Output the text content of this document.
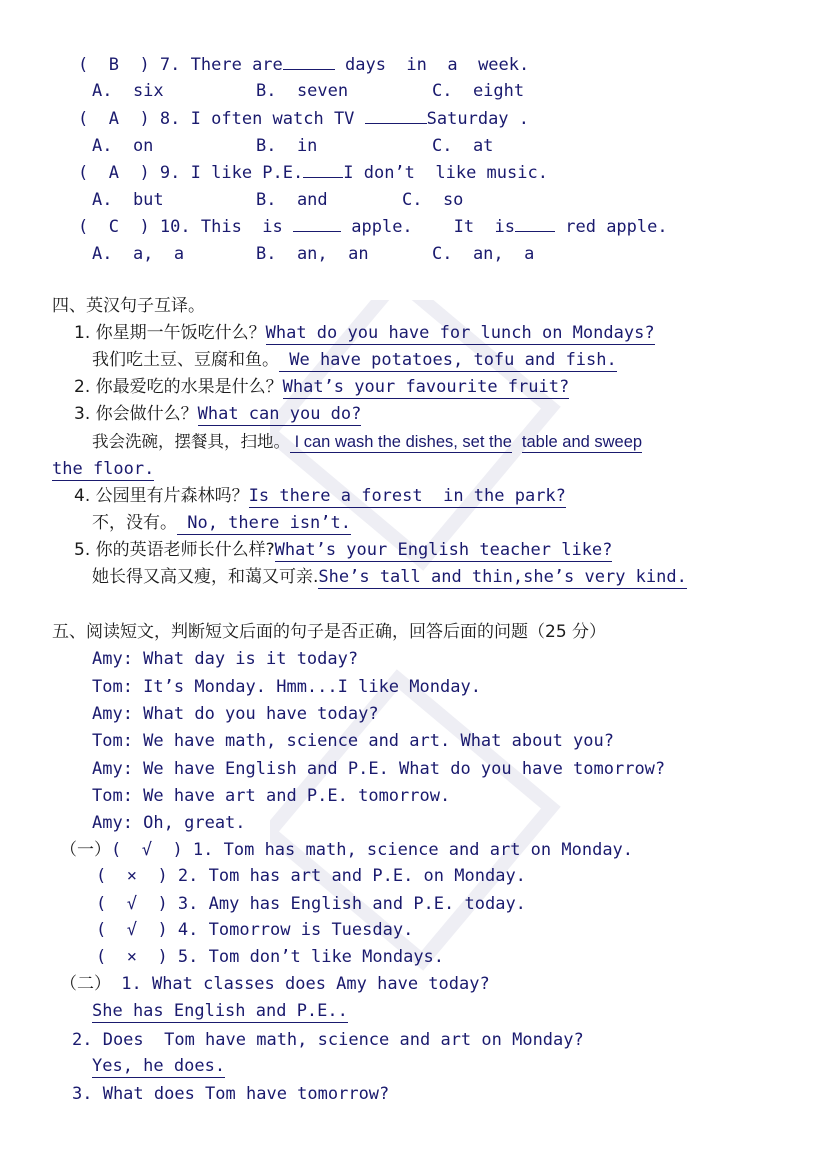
(  B  ) 7. There are	days  in  a  week.
A.  six	B.  seven	C.  eight
(  A  ) 8. I often watch TV	Saturday .
A.  on	B.  in	C.  at
(  A  ) 9. I like P.E. I don’t  like music.
A.  but	B.  and	C.  so
(  C  ) 10. This  is	apple.    It  is red apple.
A.  a,  a	B.  an,  an	C.  an,  a
四、英汉句子互译。
1. 你星期一午饭吃什么？What do you have for lunch on Mondays?
我们吃土豆、豆腐和鱼。 We have potatoes, tofu and fish.
2. 你最爱吃的水果是什么？What’s your favourite fruit?
3. 你会做什么？What can you do?
我会洗碗，摆餐具，扫地。 I can wash the dishes, set the table and sweep
the floor.
4. 公园里有片森林吗？Is there a forest  in the park?
不，没有。 No, there isn’t.
5. 你的英语老师长什么样?What’s your English teacher like?
她长得又高又瘦，和蔼又可亲.She’s tall and thin,she’s very kind.
五、阅读短文，判断短文后面的句子是否正确，回答后面的问题（25 分）
Amy: What day is it today?
Tom: It’s Monday. Hmm...I like Monday.
Amy: What do you have today?
Tom: We have math, science and art. What about you?
Amy: We have English and P.E. What do you have tomorrow?
Tom: We have art and P.E. tomorrow.
Amy: Oh, great.
（一）(  √  ) 1. Tom has math, science and art on Monday.
(  ×  ) 2. Tom has art and P.E. on Monday.
(  √  ) 3. Amy has English and P.E. today.
(  √  ) 4. Tomorrow is Tuesday.
(  ×  ) 5. Tom don’t like Mondays.
（二） 1. What classes does Amy have today?
She has English and P.E..
2. Does  Tom have math, science and art on Monday?
Yes, he does.
3. What does Tom have tomorrow?
